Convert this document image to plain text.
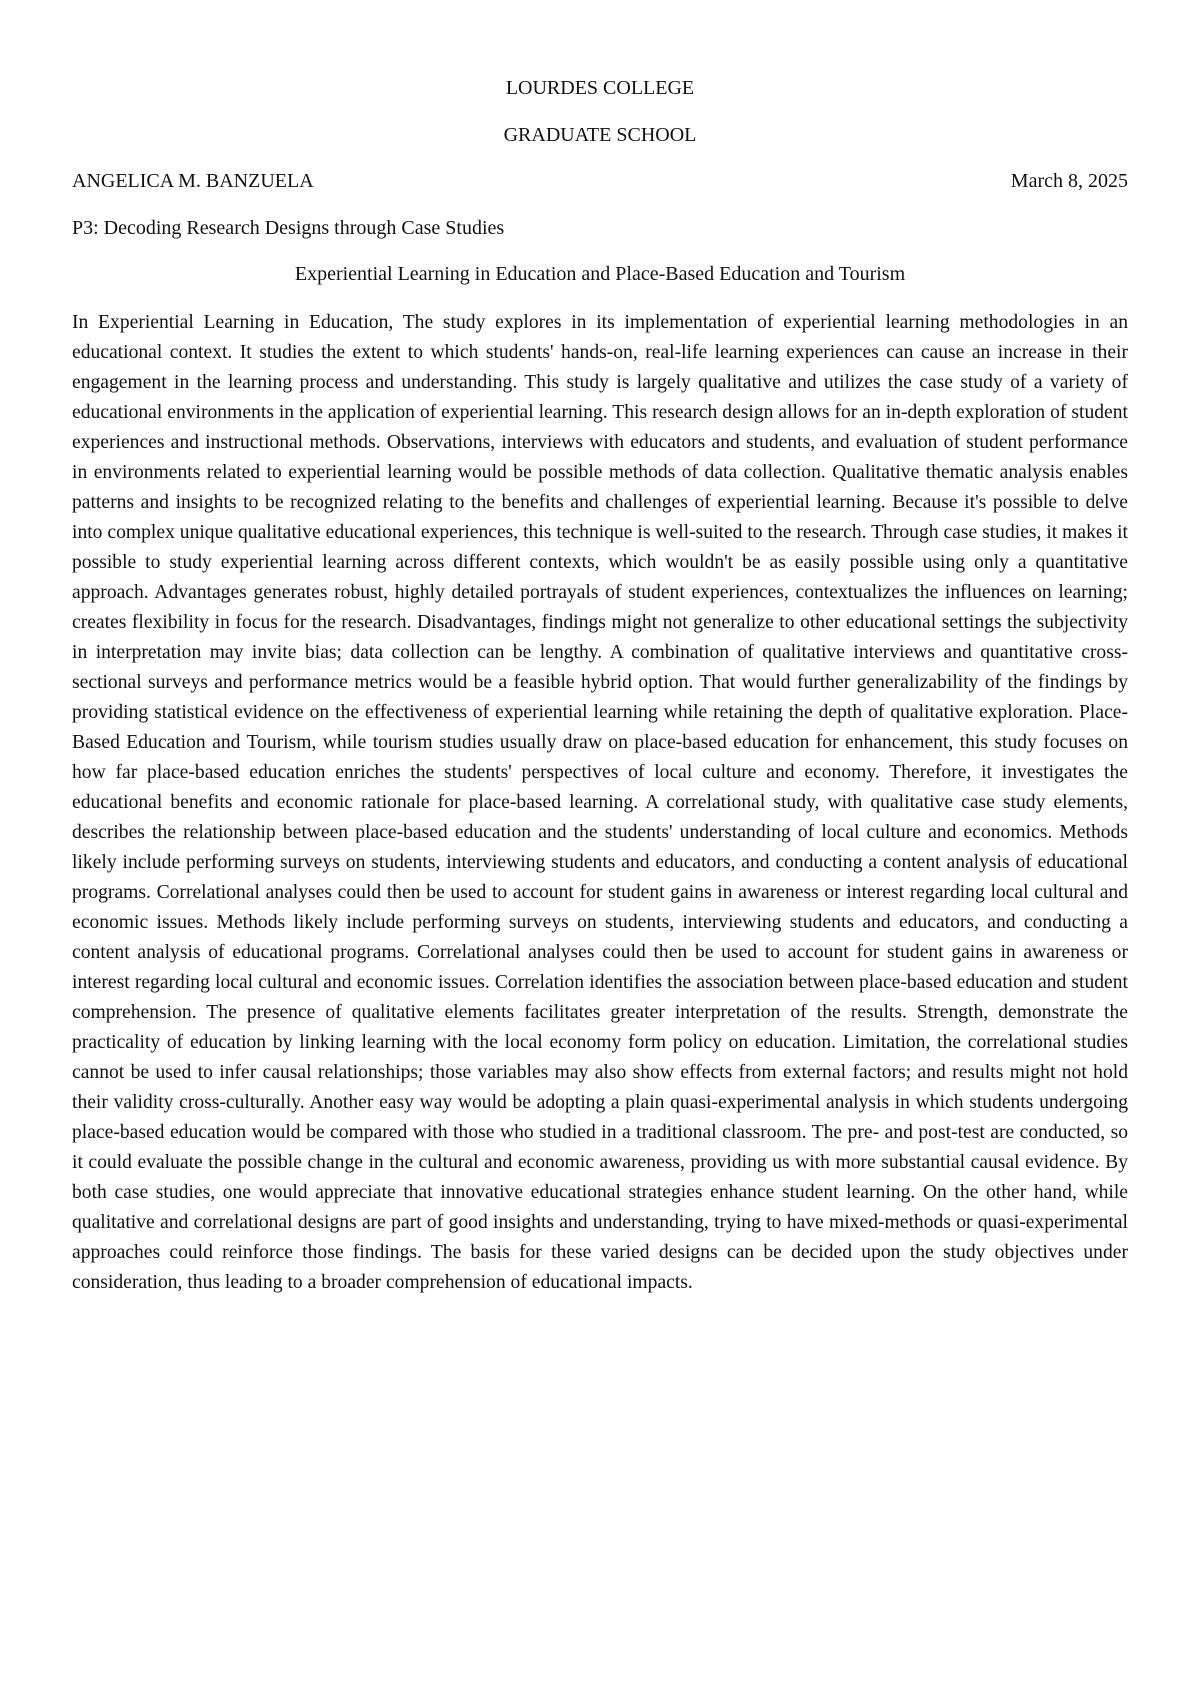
LOURDES COLLEGE
GRADUATE SCHOOL
ANGELICA M. BANZUELA	March 8, 2025

P3: Decoding Research Designs through Case Studies

Experiential Learning in Education and Place-Based Education and Tourism

In Experiential Learning in Education, The study explores in its implementation of experiential learning methodologies in an educational context. It studies the extent to which students' hands-on, real-life learning experiences can cause an increase in their engagement in the learning process and understanding. This study is largely qualitative and utilizes the case study of a variety of educational environments in the application of experiential learning. This research design allows for an in-depth exploration of student experiences and instructional methods. Observations, interviews with educators and students, and evaluation of student performance in environments related to experiential learning would be possible methods of data collection. Qualitative thematic analysis enables patterns and insights to be recognized relating to the benefits and challenges of experiential learning. Because it's possible to delve into complex unique qualitative educational experiences, this technique is well-suited to the research. Through case studies, it makes it possible to study experiential learning across different contexts, which wouldn't be as easily possible using only a quantitative approach. Advantages generates robust, highly detailed portrayals of student experiences, contextualizes the influences on learning; creates flexibility in focus for the research. Disadvantages, findings might not generalize to other educational settings the subjectivity in interpretation may invite bias; data collection can be lengthy. A combination of qualitative interviews and quantitative cross-sectional surveys and performance metrics would be a feasible hybrid option. That would further generalizability of the findings by providing statistical evidence on the effectiveness of experiential learning while retaining the depth of qualitative exploration. Place-Based Education and Tourism, while tourism studies usually draw on place-based education for enhancement, this study focuses on how far place-based education enriches the students' perspectives of local culture and economy. Therefore, it investigates the educational benefits and economic rationale for place-based learning. A correlational study, with qualitative case study elements, describes the relationship between place-based education and the students' understanding of local culture and economics. Methods likely include performing surveys on students, interviewing students and educators, and conducting a content analysis of educational programs. Correlational analyses could then be used to account for student gains in awareness or interest regarding local cultural and economic issues. Methods likely include performing surveys on students, interviewing students and educators, and conducting a content analysis of educational programs. Correlational analyses could then be used to account for student gains in awareness or interest regarding local cultural and economic issues. Correlation identifies the association between place-based education and student comprehension. The presence of qualitative elements facilitates greater interpretation of the results. Strength, demonstrate the practicality of education by linking learning with the local economy form policy on education. Limitation, the correlational studies cannot be used to infer causal relationships; those variables may also show effects from external factors; and results might not hold their validity cross-culturally. Another easy way would be adopting a plain quasi-experimental analysis in which students undergoing place-based education would be compared with those who studied in a traditional classroom. The pre- and post-test are conducted, so it could evaluate the possible change in the cultural and economic awareness, providing us with more substantial causal evidence. By both case studies, one would appreciate that innovative educational strategies enhance student learning. On the other hand, while qualitative and correlational designs are part of good insights and understanding, trying to have mixed-methods or quasi-experimental approaches could reinforce those findings. The basis for these varied designs can be decided upon the study objectives under consideration, thus leading to a broader comprehension of educational impacts.
